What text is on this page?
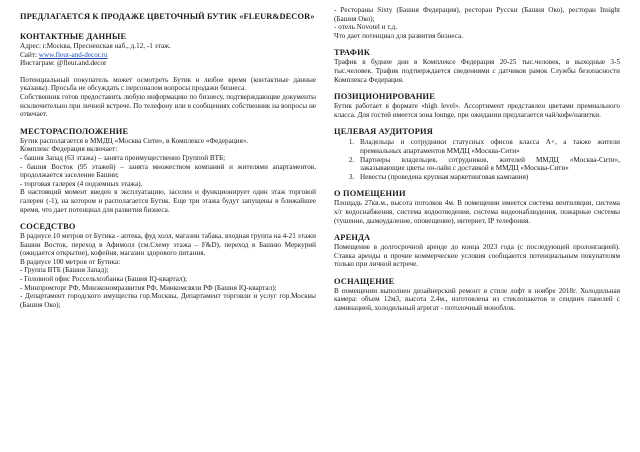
ПРЕДЛАГАЕТСЯ К ПРОДАЖЕ ЦВЕТОЧНЫЙ БУТИК «FLEUR&DECOR»
КОНТАКТНЫЕ ДАННЫЕ
Адрес: г.Москва, Пресненская наб., д.12, -1 этаж.
Сайт: www.fleur-and-decor.ru
Инстаграм: @fleur.and.decor
Потенциальный покупатель может осмотреть Бутик в любое время (контактные данные указаны). Просьба не обсуждать с персоналом вопросы продажи бизнеса.
Собственник готов предоставить любую информацию по бизнесу, подтверждающие документы исключительно при личной встрече. По телефону или в сообщениях собственник на вопросы не отвечает.
МЕСТОРАСПОЛОЖЕНИЕ
Бутик располагается в ММДЦ «Москва Сити», в Комплексе «Федерация».
Комплекс Федерация включает:
- башня Запад (63 этажа) – занята преимущественно Группой ВТБ;
- башня Восток (95 этажей) – занята множеством компаний и жителями апартаментов, продолжается заселение Башни;
- торговая галерея (4 подземных этажа).
В настоящий момент введен в эксплуатацию, заселен и функционирует один этаж торговой галереи (-1), на котором и располагается Бутик. Еще три этажа будут запущены в ближайшее время, что дает потенциал для развития бизнеса.
СОСЕДСТВО
В радиусе 10 метров от Бутика - аптека, фуд холл, магазин табака, входная группа на 4-21 этажи Башни Восток, переход в Афимолл (см.Схему этажа – F&D), переход в Башню Меркурий (ожидается открытие), кофейня, магазин здорового питания.
В радиусе 100 метров от Бутика:
- Группа ВТБ (Башня Запад);
- Головной офис Россельхозбанка (Башня IQ-квартал);
- Минпромторг РФ, Минэкономразвития РФ, Минкомсвязи РФ (Башня IQ-квартал);
- Департамент городского имущества гор.Москвы, Департамент торговли и услуг гор.Москвы (Башня Око);
- Рестораны Sixty (Башня Федерация), ресторан Русски (Башня Око), ресторан Insight (Башня Око);
- отель Novotel и т.д.
Что дает потенциал для развития бизнеса.
ТРАФИК
Трафик в будние дни в Комплексе Федерация 20-25 тыс.человек, в выходные 3-5 тыс.человек. Трафик подтверждается сведениями с датчиков рамок Службы безопасности Комплекса Федерация.
ПОЗИЦИОНИРОВАНИЕ
Бутик работает в формате «high level». Ассортимент представлен цветами премиального класса. Для гостей имеется зона lounge, при ожидании предлагается чай/кофе/напитки.
ЦЕЛЕВАЯ АУДИТОРИЯ
1. Владельцы и сотрудники статусных офисов класса А+, а также жители премиальных апартаментов ММДЦ «Москва-Сити»
2. Партнеры владельцев, сотрудников, жителей ММДЦ «Москва-Сити», заказывающие цветы он-лайн с доставкой в ММДЦ «Москва-Сити»
3. Невесты (проведена крупная маркетинговая кампания)
О ПОМЕЩЕНИИ
Площадь 27кв.м., высота потолков 4м. В помещении имеется система вентиляции, система х/г водоснабжения, система водоотведения, система видеонаблюдения, пожарные системы (тушение, дымоудаление, оповещение), интернет, IP телефония.
АРЕНДА
Помещение в долгосрочной аренде до конца 2023 года (с последующей пролонгацией). Ставка аренды и прочие коммерческие условия сообщаются потенциальным покупателям только при личной встрече.
ОСНАЩЕНИЕ
В помещении выполнен дизайнерский ремонт в стиле лофт в ноябре 2018г. Холодильная камера: объем 12м3, высота 2,4м., изготовлена из стеклопакетов и сендвич панелей с ламинацией, холодильный агрегат - потолочный моноблок.
